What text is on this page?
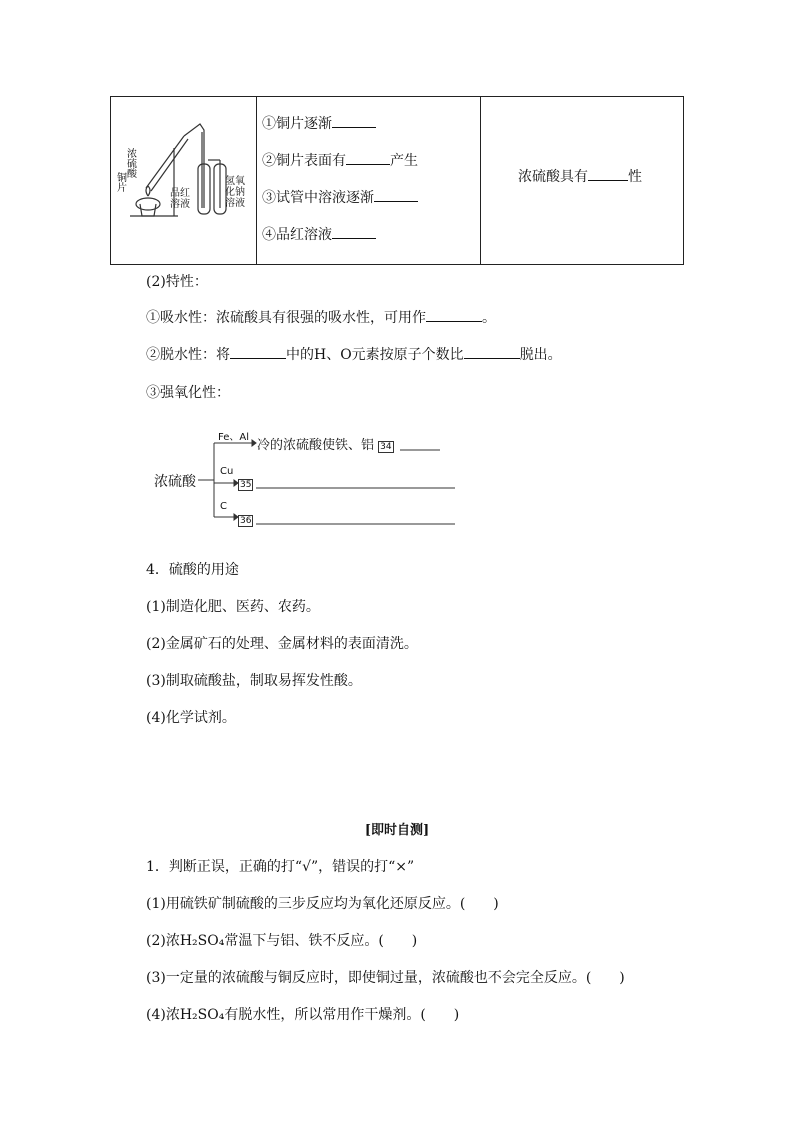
浓硫酸
铜片
品红溶液
氢氧化钠溶液
①铜片逐渐
②铜片表面有	产生
③试管中溶液逐渐
④品红溶液
浓硫酸具有	性
(2)特性：
①吸水性：浓硫酸具有很强的吸水性，可用作	。
②脱水性：将	中的H、O元素按原子个数比	脱出。
③强氧化性：
浓硫酸
Fe、Al
冷的浓硫酸使铁、铝 34
Cu
35
C
36
4．硫酸的用途
(1)制造化肥、医药、农药。
(2)金属矿石的处理、金属材料的表面清洗。
(3)制取硫酸盐，制取易挥发性酸。
(4)化学试剂。
[即时自测]
1．判断正误，正确的打“√”，错误的打“×”
(1)用硫铁矿制硫酸的三步反应均为氧化还原反应。(　　)
(2)浓H₂SO₄常温下与铝、铁不反应。(　　)
(3)一定量的浓硫酸与铜反应时，即使铜过量，浓硫酸也不会完全反应。(　　)
(4)浓H₂SO₄有脱水性，所以常用作干燥剂。(　　)
